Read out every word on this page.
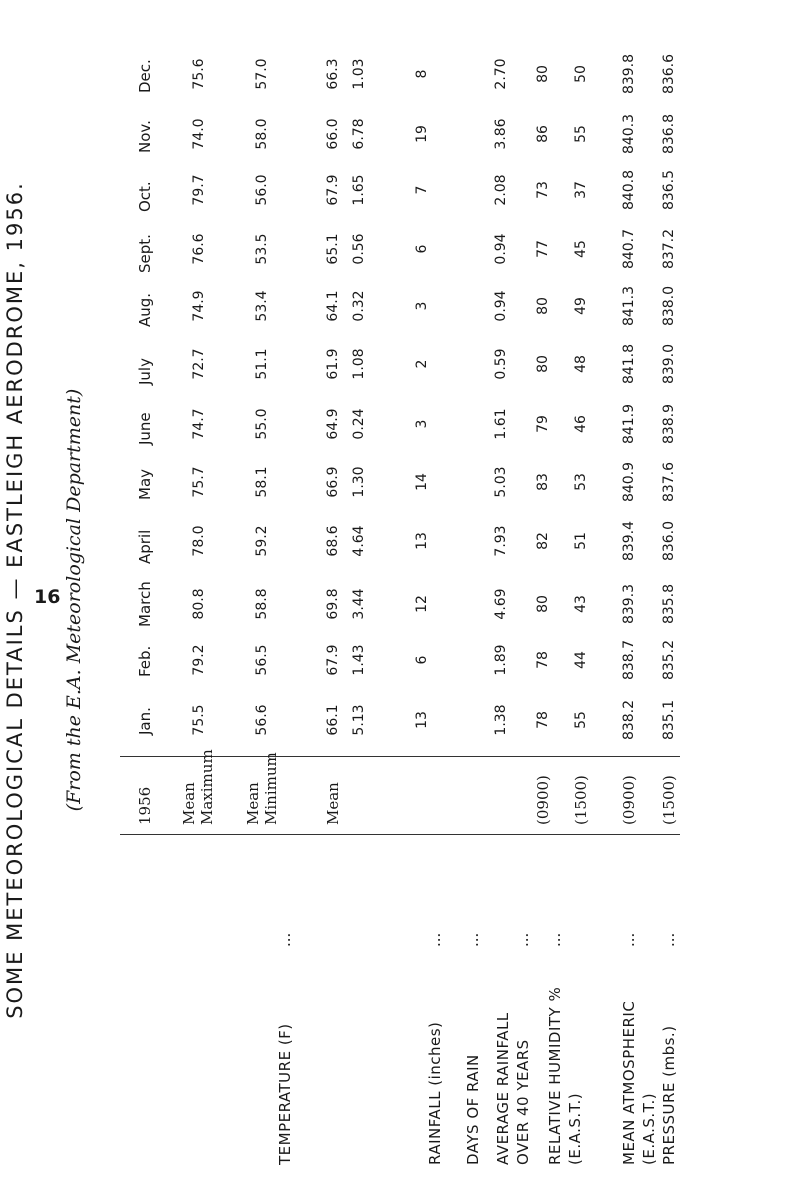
16
SOME METEOROLOGICAL DETAILS — EASTLEIGH AERODROME, 1956. (From the E.A. Meteorological Department)
TEMPERATURE (F)
...
RAINFALL (inches)
...
DAYS OF RAIN
...
AVERAGE RAINFALL OVER 40 YEARS
...
RELATIVE HUMIDITY % (E.A.S.T.)
...
MEAN ATMOSPHERIC (E.A.S.T.) PRESSURE (mbs.)
... ...
1956 Mean Maximum Mean Minimum	Mean	(0900) (1500) (0900) (1500)
Jan.
Feb.
March
April
May
June
July
Aug.
Sept.
Oct.
Nov.
Dec.
75.5
79.2
80.8
78.0
75.7
74.7
72.7
74.9
76.6
79.7
74.0
75.6
56.6
56.5
58.8
59.2
58.1
55.0
51.1
53.4
53.5
56.0
58.0
57.0
66.1
67.9
69.8
68.6
66.9
64.9
61.9
64.1
65.1
67.9
66.0
66.3
5.13
1.43
3.44
4.64
1.30
0.24
1.08
0.32
0.56
1.65
6.78
1.03
13
6
12
13
14
3
2
3
6
7
19
8
1.38
1.89
4.69
7.93
5.03
1.61
0.59
0.94
0.94
2.08
3.86
2.70
78
78
80
82
83
79
80
80
77
73
86
80
55
44
43
51
53
46
48
49
45
37
55
50
838.2
838.7
839.3
839.4
840.9
841.9
841.8
841.3
840.7
840.8
840.3
839.8
835.1
835.2
835.8
836.0
837.6
838.9
839.0
838.0
837.2
836.5
836.8
836.6
